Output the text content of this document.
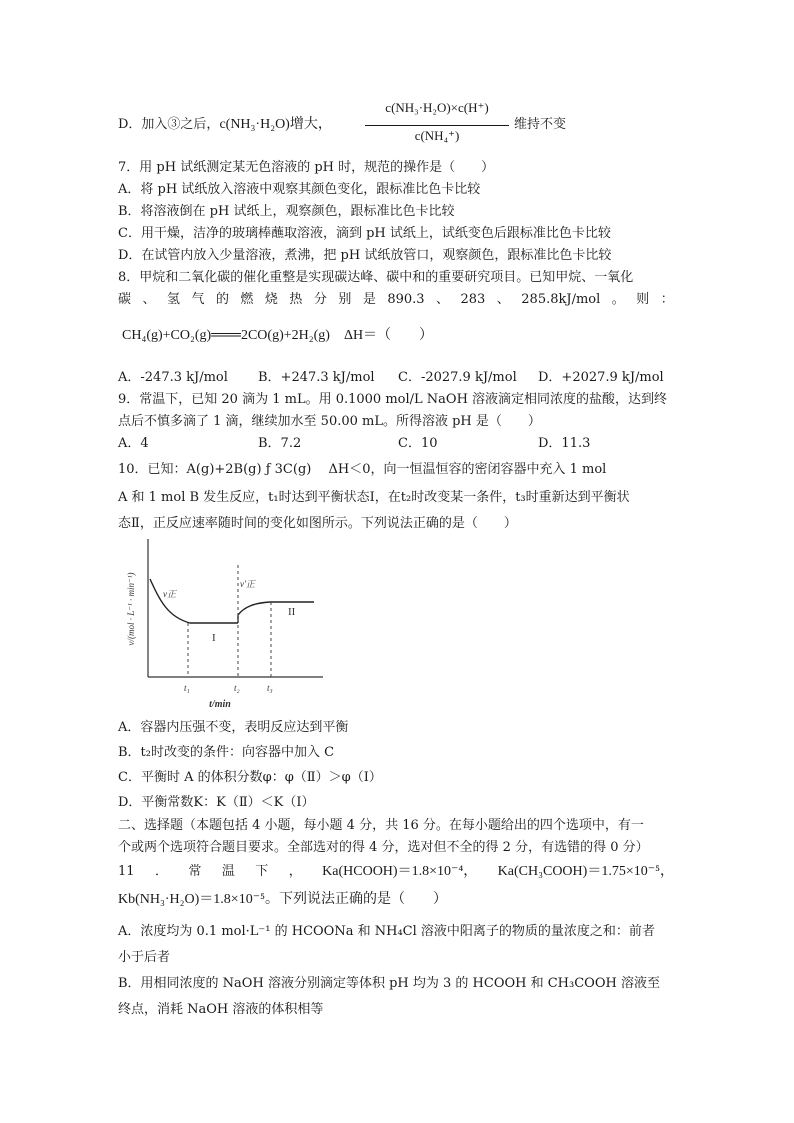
D．加入③之后，c(NH₃·H₂O)增大，
c(NH₃·H₂O)×c(H⁺)
c(NH₄⁺)
维持不变
7．用 pH 试纸测定某无色溶液的 pH 时，规范的操作是（　　）
A．将 pH 试纸放入溶液中观察其颜色变化，跟标准比色卡比较
B．将溶液倒在 pH 试纸上，观察颜色，跟标准比色卡比较
C．用干燥，洁净的玻璃棒蘸取溶液，滴到 pH 试纸上，试纸变色后跟标准比色卡比较
D．在试管内放入少量溶液，煮沸，把 pH 试纸放管口，观察颜色，跟标准比色卡比较
8．甲烷和二氧化碳的催化重整是实现碳达峰、碳中和的重要研究项目。已知甲烷、一氧化
碳 、 氢 气 的 燃 烧 热 分 别 是 890.3 、 283 、 285.8kJ/mol 。 则 ：
CH₄(g)+CO₂(g)═══2CO(g)+2H₂(g)　ΔH＝（　　）
A．-247.3 kJ/mol B．+247.3 kJ/mol C．-2027.9 kJ/mol D．+2027.9 kJ/mol
9．常温下，已知 20 滴为 1 mL。用 0.1000 mol/L NaOH 溶液滴定相同浓度的盐酸，达到终
点后不慎多滴了 1 滴，继续加水至 50.00 mL。所得溶液 pH 是（　　）
A．4	B．7.2	C．10	D．11.3
10．已知：A(g)+2B(g) ƒ 3C(g)　 ΔH＜0，向一恒温恒容的密闭容器中充入 1 mol
A 和 1 mol B 发生反应，t₁时达到平衡状态Ⅰ，在t₂时改变某一条件，t₃时重新达到平衡状
态Ⅱ，正反应速率随时间的变化如图所示。下列说法正确的是（　　）
v/(mol · L⁻¹ · min⁻¹)	v正
v'正
I
II
t₁	t₂	t₃
t/min
A．容器内压强不变，表明反应达到平衡
B．t₂时改变的条件：向容器中加入 C
C．平衡时 A 的体积分数φ：φ（Ⅱ）＞φ（Ⅰ）
D．平衡常数K：K（Ⅱ）＜K（Ⅰ）
二、选择题（本题包括 4 小题，每小题 4 分，共 16 分。在每小题给出的四个选项中，有一
个或两个选项符合题目要求。全部选对的得 4 分，选对但不全的得 2 分，有选错的得 0 分）
11 ． 常 温 下 ， Ka(HCOOH)＝1.8×10⁻⁴， Ka(CH₃COOH)＝1.75×10⁻⁵，
Kb(NH₃·H₂O)＝1.8×10⁻⁵。下列说法正确的是（　　）
A．浓度均为 0.1 mol·L⁻¹ 的 HCOONa 和 NH₄Cl 溶液中阳离子的物质的量浓度之和：前者
小于后者
B．用相同浓度的 NaOH 溶液分别滴定等体积 pH 均为 3 的 HCOOH 和 CH₃COOH 溶液至
终点，消耗 NaOH 溶液的体积相等
